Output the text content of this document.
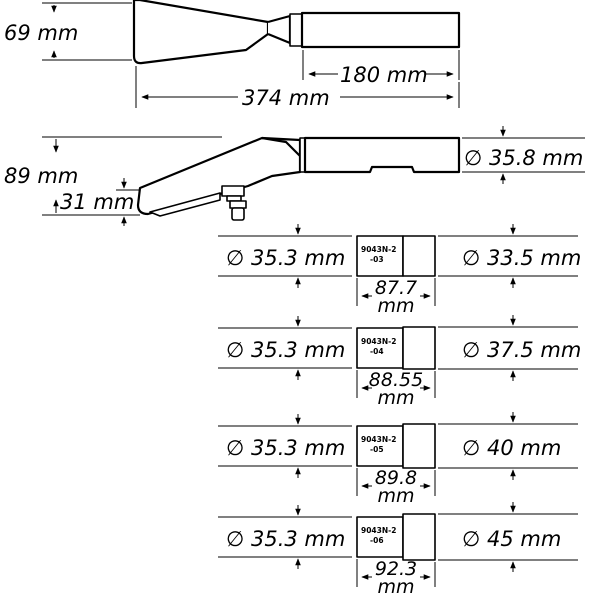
69 mm
180 mm
374 mm
89 mm
31 mm
∅ 35.8 mm
∅ 35.3 mm 9043N-2
-03	∅ 33.5 mm
87.7
mm
∅ 35.3 mm 9043N-2
-04	∅ 37.5 mm
88.55
mm
∅ 35.3 mm 9043N-2
-05	∅ 40 mm
89.8
mm
∅ 35.3 mm 9043N-2
-06	∅ 45 mm
92.3
mm
